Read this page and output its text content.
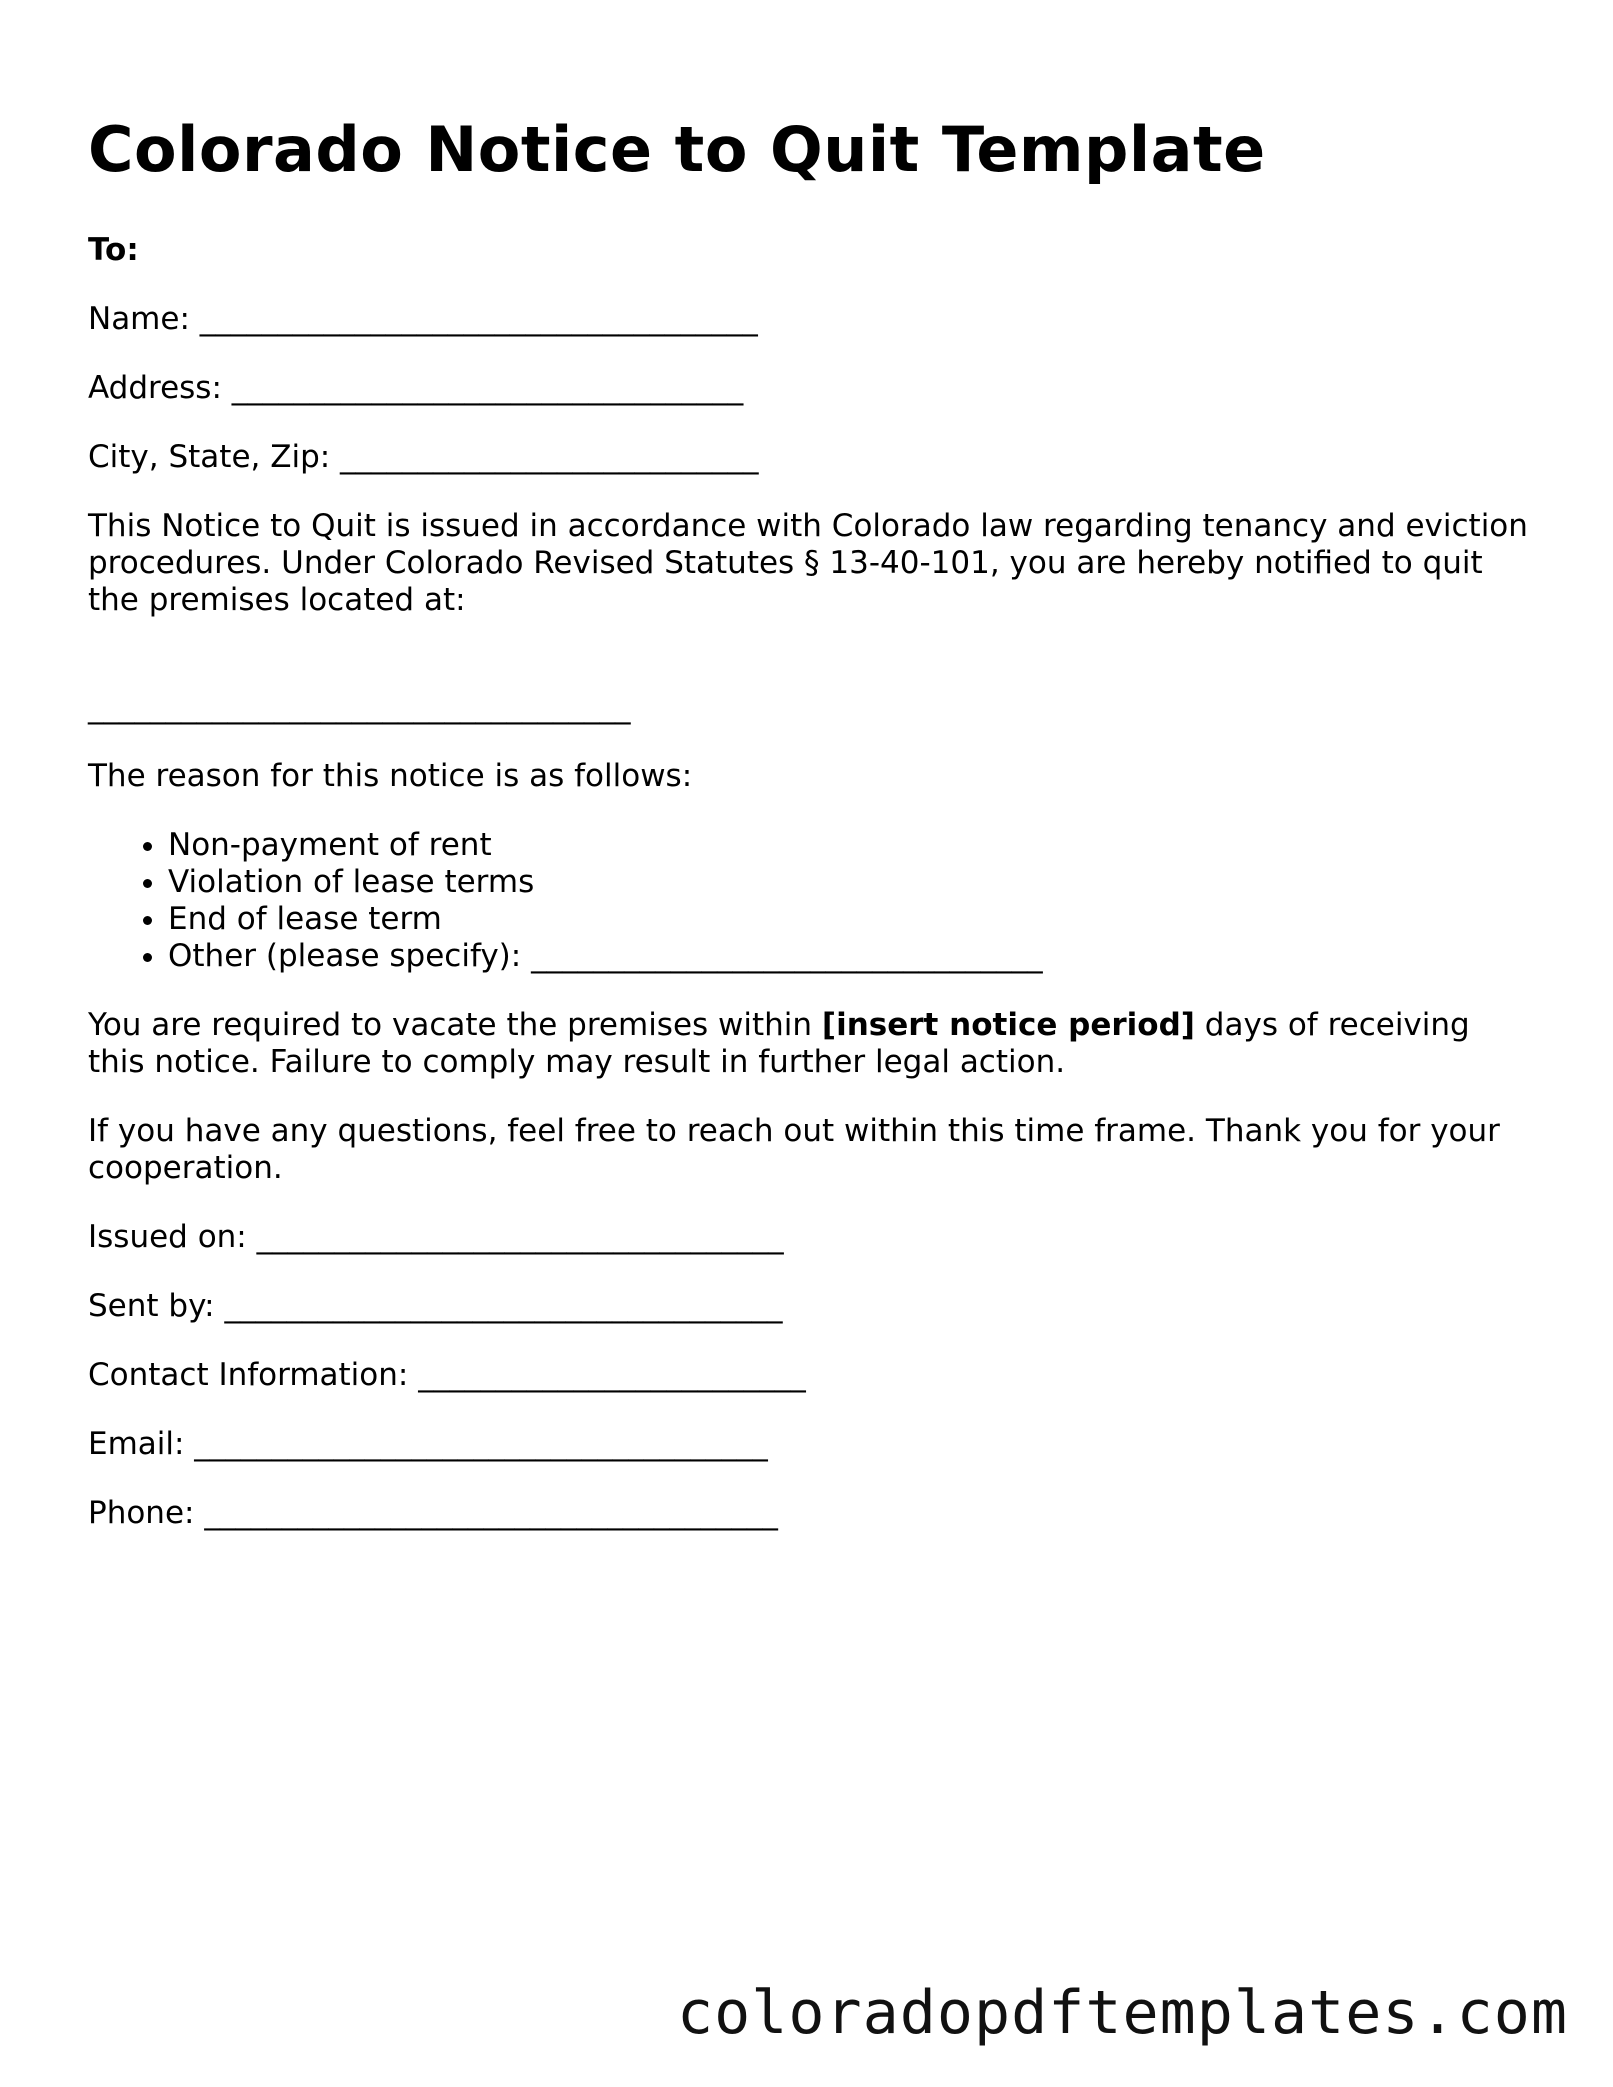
Colorado Notice to Quit Template

To:

Name: ____________________________________

Address: _________________________________

City, State, Zip: ___________________________

This Notice to Quit is issued in accordance with Colorado law regarding tenancy and eviction procedures. Under Colorado Revised Statutes § 13-40-101, you are hereby notified to quit the premises located at:

___________________________________

The reason for this notice is as follows:

• Non-payment of rent
• Violation of lease terms
• End of lease term
• Other (please specify): _________________________________

You are required to vacate the premises within [insert notice period] days of receiving this notice. Failure to comply may result in further legal action.

If you have any questions, feel free to reach out within this time frame. Thank you for your cooperation.

Issued on: __________________________________

Sent by: ____________________________________

Contact Information: _________________________

Email: _____________________________________

Phone: _____________________________________

coloradopdftemplates.com
